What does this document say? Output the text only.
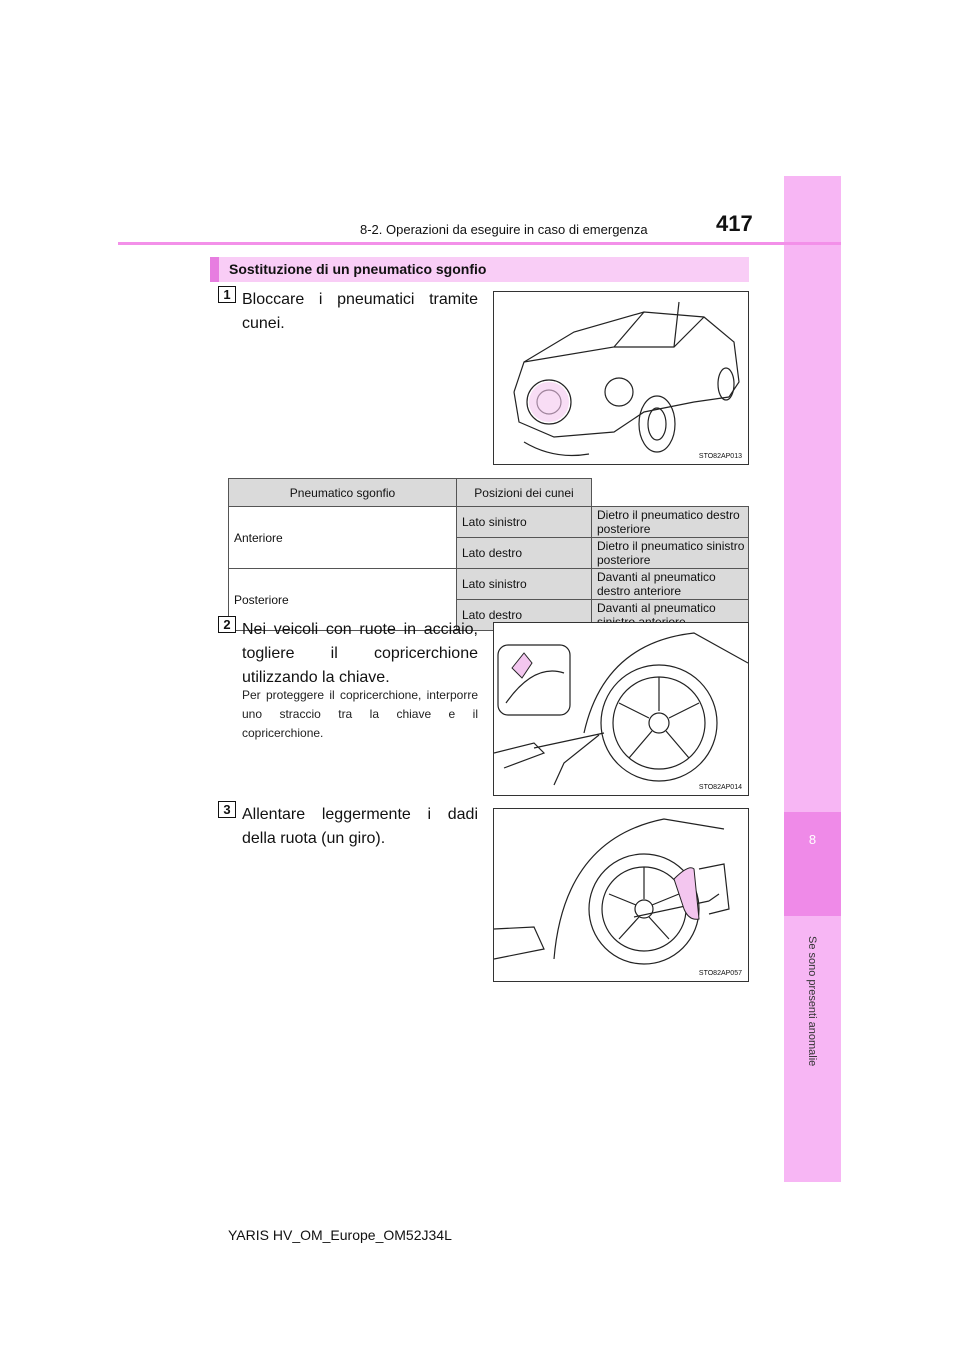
8
Se sono presenti anomalie
8-2. Operazioni da eseguire in caso di emergenza	417
Sostituzione di un pneumatico sgonfio
1 Bloccare i pneumatici tramite cunei.
STO82AP013
Pneumatico sgonfio	Posizioni dei cunei	
Anteriore	Lato sinistro	Dietro il pneumatico destro posteriore
	Lato destro	Dietro il pneumatico sinistro posteriore
Posteriore	Lato sinistro	Davanti al pneumatico destro anteriore
	Lato destro	Davanti al pneumatico
2 Nei veicoli con ruote in acciaio, togliere il copricerchione utilizzando la chiave.
Per proteggere il copricerchione, interporre uno straccio tra la chiave e il copricerchione.
STO82AP014
3 Allentare leggermente i dadi della ruota (un giro).
STO82AP057
YARIS HV_OM_Europe_OM52J34L
